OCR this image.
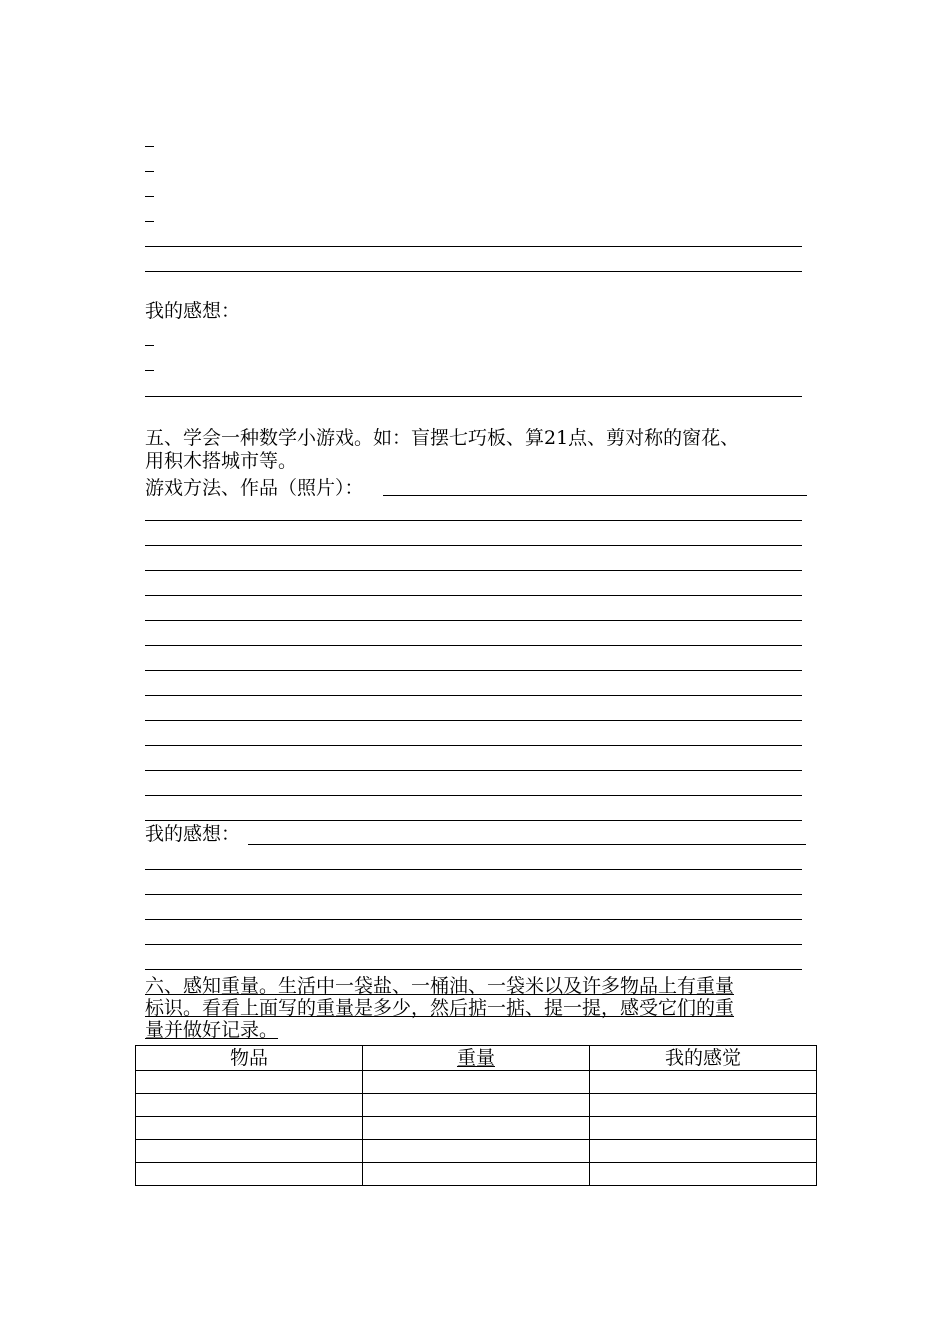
我的感想：
五、学会一种数学小游戏。如：盲摆七巧板、算21点、剪对称的窗花、
用积木搭城市等。
游戏方法、作品（照片）：
我的感想：
六、感知重量。生活中一袋盐、一桶油、一袋米以及许多物品上有重量
标识。看看上面写的重量是多少，然后掂一掂、提一提，感受它们的重
量并做好记录。
物品	重量	我的感觉
